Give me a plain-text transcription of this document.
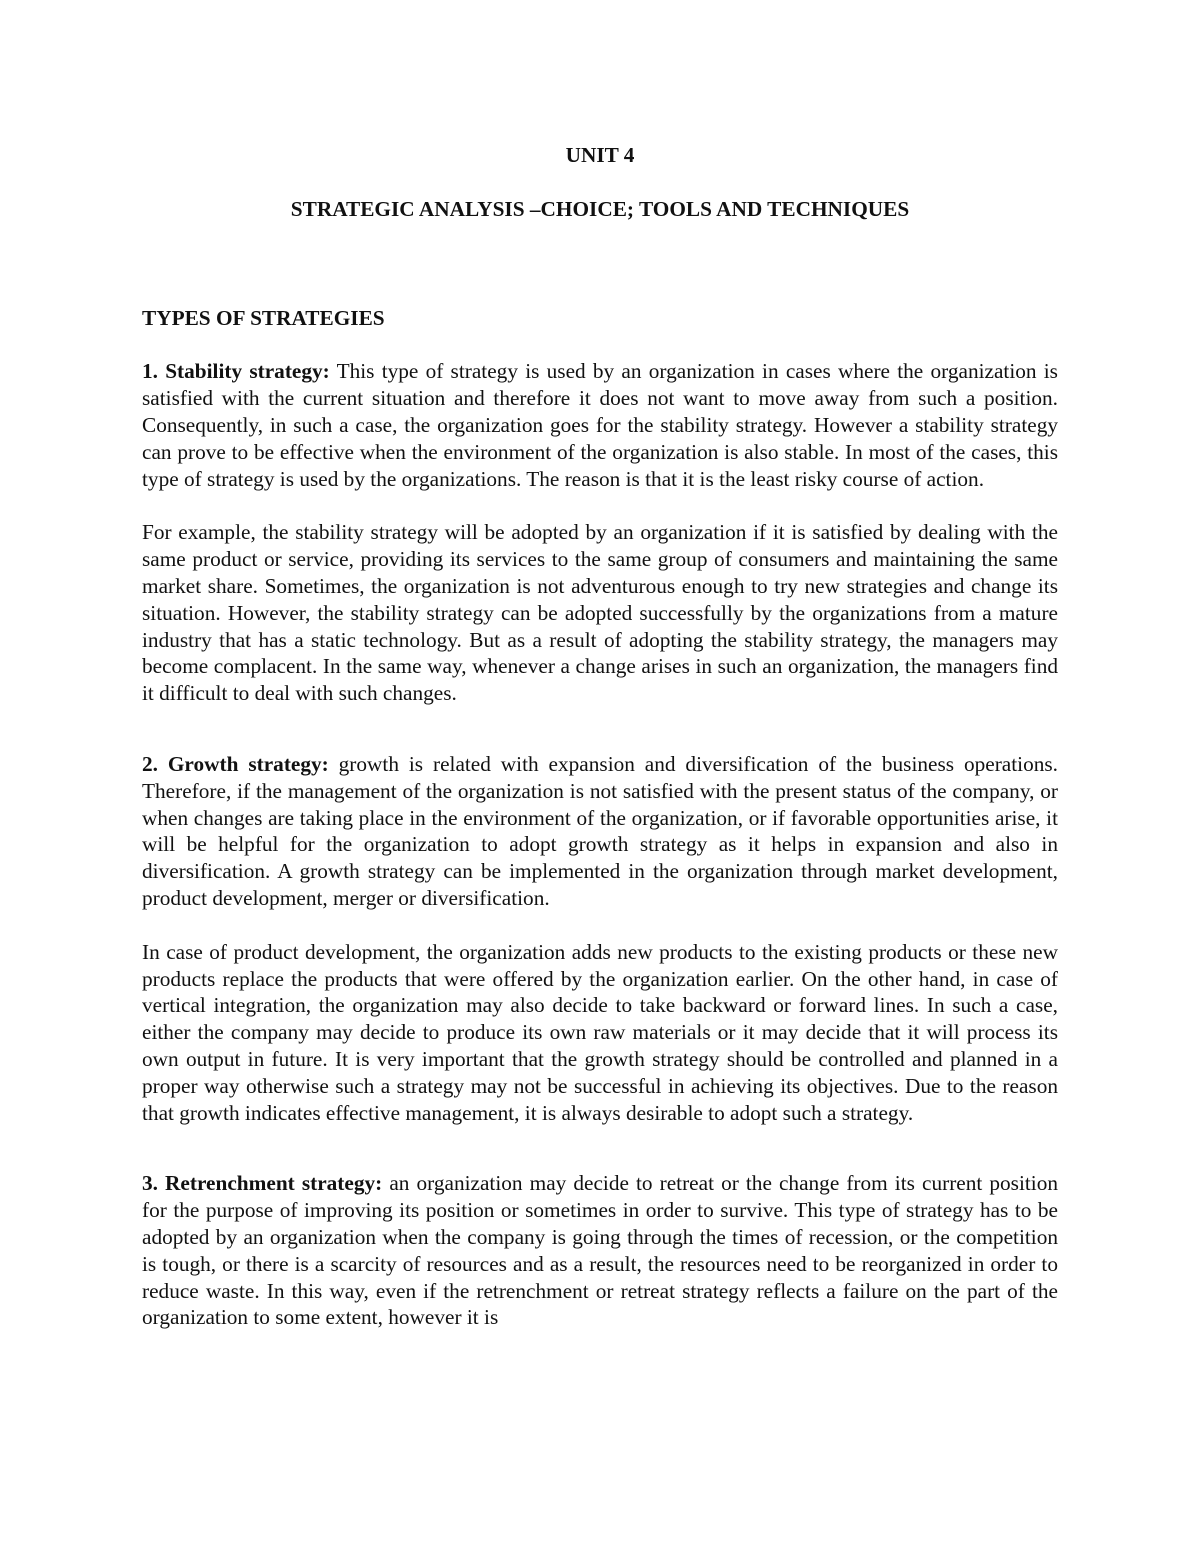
UNIT 4

STRATEGIC ANALYSIS –CHOICE; TOOLS AND TECHNIQUES

TYPES OF STRATEGIES

1. Stability strategy: This type of strategy is used by an organization in cases where the organization is satisfied with the current situation and therefore it does not want to move away from such a position. Consequently, in such a case, the organization goes for the stability strategy. However a stability strategy can prove to be effective when the environment of the organization is also stable. In most of the cases, this type of strategy is used by the organizations. The reason is that it is the least risky course of action.

For example, the stability strategy will be adopted by an organization if it is satisfied by dealing with the same product or service, providing its services to the same group of consumers and maintaining the same market share. Sometimes, the organization is not adventurous enough to try new strategies and change its situation. However, the stability strategy can be adopted successfully by the organizations from a mature industry that has a static technology. But as a result of adopting the stability strategy, the managers may become complacent. In the same way, whenever a change arises in such an organization, the managers find it difficult to deal with such changes.

2. Growth strategy: growth is related with expansion and diversification of the business operations. Therefore, if the management of the organization is not satisfied with the present status of the company, or when changes are taking place in the environment of the organization, or if favorable opportunities arise, it will be helpful for the organization to adopt growth strategy as it helps in expansion and also in diversification. A growth strategy can be implemented in the organization through market development, product development, merger or diversification.

In case of product development, the organization adds new products to the existing products or these new products replace the products that were offered by the organization earlier. On the other hand, in case of vertical integration, the organization may also decide to take backward or forward lines. In such a case, either the company may decide to produce its own raw materials or it may decide that it will process its own output in future. It is very important that the growth strategy should be controlled and planned in a proper way otherwise such a strategy may not be successful in achieving its objectives. Due to the reason that growth indicates effective management, it is always desirable to adopt such a strategy.

3. Retrenchment strategy: an organization may decide to retreat or the change from its current position for the purpose of improving its position or sometimes in order to survive. This type of strategy has to be adopted by an organization when the company is going through the times of recession, or the competition is tough, or there is a scarcity of resources and as a result, the resources need to be reorganized in order to reduce waste. In this way, even if the retrenchment or retreat strategy reflects a failure on the part of the organization to some extent, however it is
